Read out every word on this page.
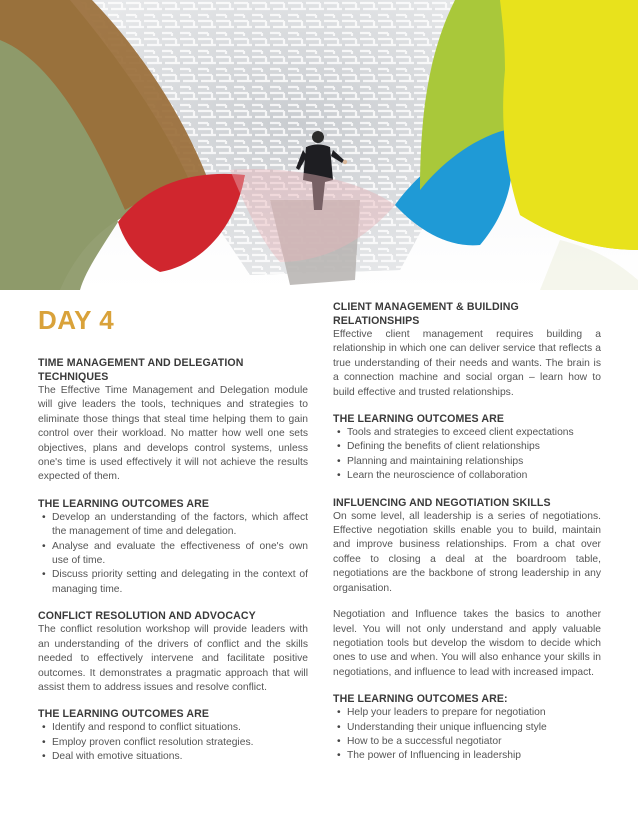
DAY 4
TIME MANAGEMENT AND DELEGATION TECHNIQUES

The Effective Time Management and Delegation module will give leaders the tools, techniques and strategies to eliminate those things that steal time helping them to gain control over their workload. No matter how well one sets objectives, plans and develops control systems, unless one's time is used effectively it will not achieve the results expected of them.

THE LEARNING OUTCOMES ARE
• Develop an understanding of the factors, which affect the management of time and delegation.
• Analyse and evaluate the effectiveness of one's own use of time.
• Discuss priority setting and delegating in the context of managing time.
CONFLICT RESOLUTION AND ADVOCACY

The conflict resolution workshop will provide leaders with an understanding of the drivers of conflict and the skills needed to effectively intervene and facilitate positive outcomes. It demonstrates a pragmatic approach that will assist them to address issues and resolve conflict.

THE LEARNING OUTCOMES ARE
• Identify and respond to conflict situations.
• Employ proven conflict resolution strategies.
• Deal with emotive situations.
CLIENT MANAGEMENT & BUILDING RELATIONSHIPS

Effective client management requires building a relationship in which one can deliver service that reflects a true understanding of their needs and wants. The brain is a connection machine and social organ – learn how to build effective and trusted relationships.

THE LEARNING OUTCOMES ARE
• Tools and strategies to exceed client expectations
• Defining the benefits of client relationships
• Planning and maintaining relationships
• Learn the neuroscience of collaboration
INFLUENCING AND NEGOTIATION SKILLS

On some level, all leadership is a series of negotiations. Effective negotiation skills enable you to build, maintain and improve business relationships. From a chat over coffee to closing a deal at the boardroom table, negotiations are the backbone of strong leadership in any organisation.

Negotiation and Influence takes the basics to another level. You will not only understand and apply valuable negotiation tools but develop the wisdom to decide which ones to use and when. You will also enhance your skills in negotiations, and influence to lead with increased impact.

THE LEARNING OUTCOMES ARE:
• Help your leaders to prepare for negotiation
• Understanding their unique influencing style
• How to be a successful negotiator
• The power of Influencing in leadership
